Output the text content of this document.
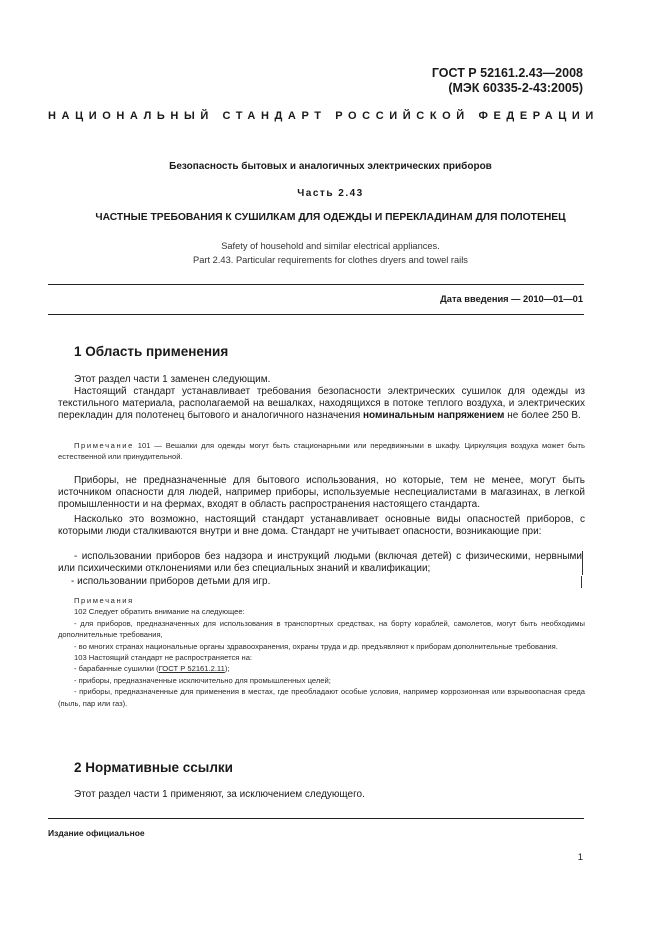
ГОСТ Р 52161.2.43—2008
(МЭК 60335-2-43:2005)
НАЦИОНАЛЬНЫЙ СТАНДАРТ РОССИЙСКОЙ ФЕДЕРАЦИИ
Безопасность бытовых и аналогичных электрических приборов
Часть 2.43
ЧАСТНЫЕ ТРЕБОВАНИЯ К СУШИЛКАМ ДЛЯ ОДЕЖДЫ И ПЕРЕКЛАДИНАМ ДЛЯ ПОЛОТЕНЕЦ
Safety of household and similar electrical appliances.
Part 2.43. Particular requirements for clothes dryers and towel rails
Дата введения — 2010—01—01
1 Область применения
Этот раздел части 1 заменен следующим.
Настоящий стандарт устанавливает требования безопасности электрических сушилок для одежды из текстильного материала, располагаемой на вешалках, находящихся в потоке теплого воздуха, и электрических перекладин для полотенец бытового и аналогичного назначения номинальным напряжением не более 250 В.
Примечание 101 — Вешалки для одежды могут быть стационарными или передвижными в шкафу. Циркуляция воздуха может быть естественной или принудительной.
Приборы, не предназначенные для бытового использования, но которые, тем не менее, могут быть источником опасности для людей, например приборы, используемые неспециалистами в магазинах, в легкой промышленности и на фермах, входят в область распространения настоящего стандарта.
Насколько это возможно, настоящий стандарт устанавливает основные виды опасностей приборов, с которыми люди сталкиваются внутри и вне дома. Стандарт не учитывает опасности, возникающие при:
- использовании приборов без надзора и инструкций людьми (включая детей) с физическими, нервными или психическими отклонениями или без специальных знаний и квалификации;
- использовании приборов детьми для игр.
Примечания
102 Следует обратить внимание на следующее:
- для приборов, предназначенных для использования в транспортных средствах, на борту кораблей, самолетов, могут быть необходимы дополнительные требования,
- во многих странах национальные органы здравоохранения, охраны труда и др. предъявляют к приборам дополнительные требования.
103 Настоящий стандарт не распространяется на:
- барабанные сушилки (ГОСТ Р 52161.2.11);
- приборы, предназначенные исключительно для промышленных целей;
- приборы, предназначенные для применения в местах, где преобладают особые условия, например коррозионная или взрывоопасная среда (пыль, пар или газ).
2 Нормативные ссылки
Этот раздел части 1 применяют, за исключением следующего.
Издание официальное
1
